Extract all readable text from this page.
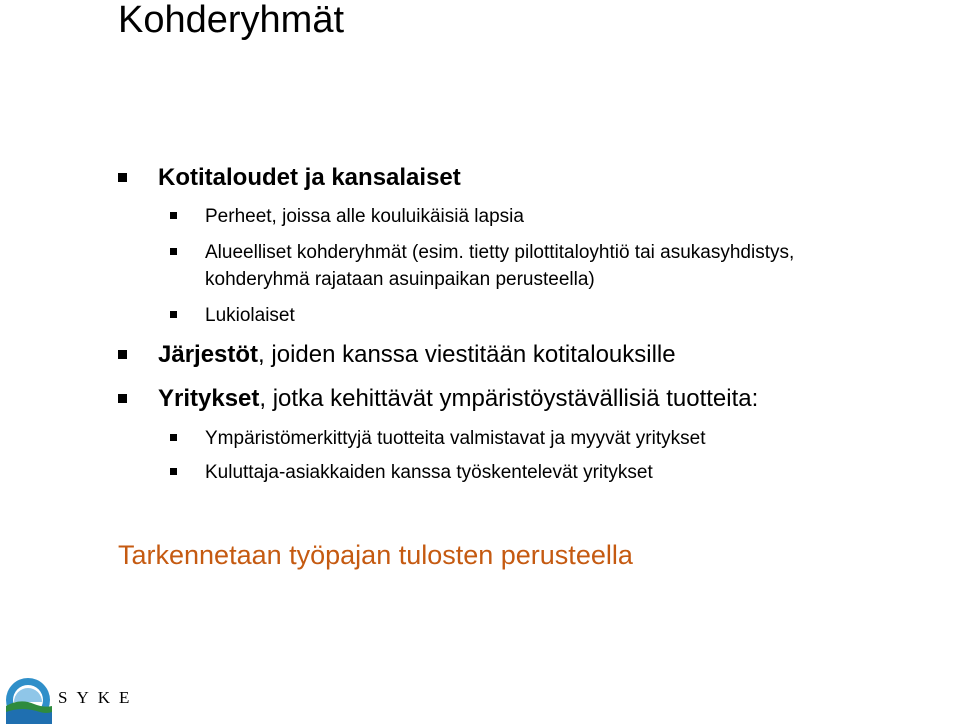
Kohderyhmät
Kotitaloudet ja kansalaiset
Perheet, joissa alle kouluikäisiä lapsia
Alueelliset kohderyhmät (esim. tietty pilottitaloyhtiö tai asukasyhdistys,
kohderyhmä rajataan asuinpaikan perusteella)
Lukiolaiset
Järjestöt, joiden kanssa viestitään kotitalouksille
Yritykset, jotka kehittävät ympäristöystävällisiä tuotteita:
Ympäristömerkittyjä tuotteita valmistavat ja myyvät yritykset
Kuluttaja-asiakkaiden kanssa työskentelevät yritykset
Tarkennetaan työpajan tulosten perusteella
SYKE
